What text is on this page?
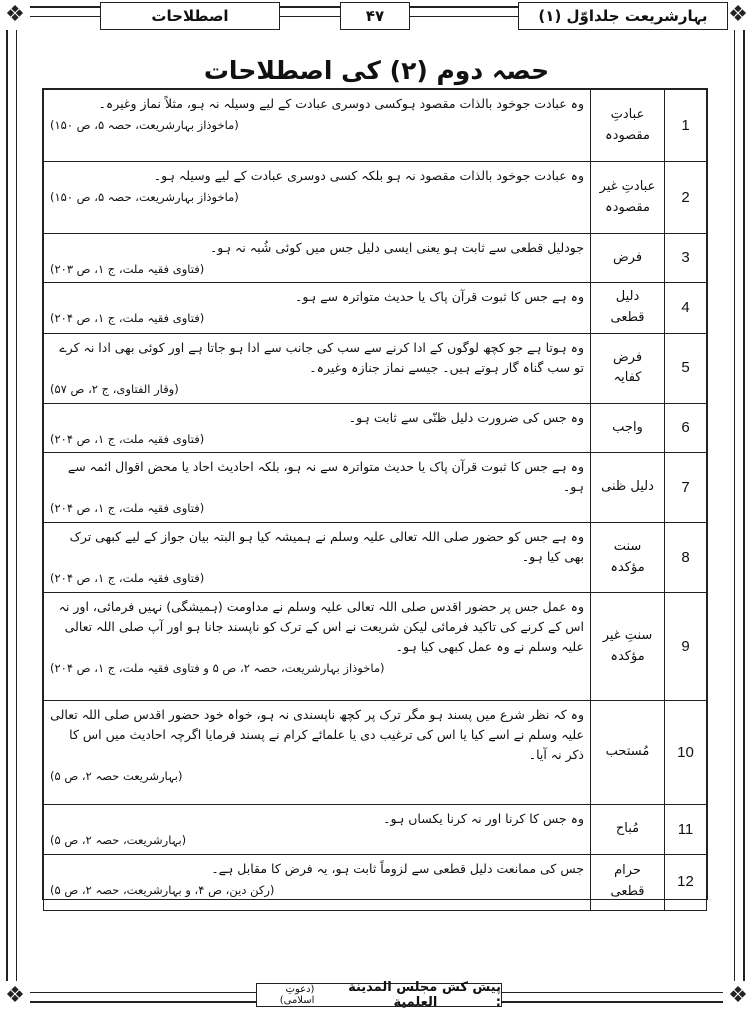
❖	❖
❖	❖
بہارشریعت جلداوّل (۱)
۴۷
اصطلاحات
حصہ دوم (۲) کی اصطلاحات
1	عبادتِ مقصودہ	وہ عبادت جوخود بالذات مقصود ہوکسی دوسری عبادت کے لیے وسیلہ نہ ہو، مثلاً نماز وغیرہ۔
(ماخوذاز بہارشریعت، حصہ ۵، ص ۱۵۰)

2	عبادتِ غیر مقصودہ	وہ عبادت جوخود بالذات مقصود نہ ہو بلکہ کسی دوسری عبادت کے لیے وسیلہ ہو۔
(ماخوذاز بہارشریعت، حصہ ۵، ص ۱۵۰)

3	فرض	جودلیل قطعی سے ثابت ہو یعنی ایسی دلیل جس میں کوئی شُبہ نہ ہو۔
(فتاوی فقیہ ملت، ج ۱، ص ۲۰۳)

4	دلیل قطعی	وہ ہے جس کا ثبوت قرآن پاک یا حدیث متواترہ سے ہو۔
(فتاوی فقیہ ملت، ج ۱، ص ۲۰۴)

5	فرض کفایہ	وہ ہوتا ہے جو کچھ لوگوں کے ادا کرنے سے سب کی جانب سے ادا ہو جاتا ہے اور کوئی بھی ادا نہ کرے تو سب گناہ گار ہوتے ہیں۔ جیسے نماز جنازہ وغیرہ۔
(وقار الفتاوی، ج ۲، ص ۵۷)

6	واجب	وہ جس کی ضرورت دلیل ظنّی سے ثابت ہو۔
(فتاوی فقیہ ملت، ج ۱، ص ۲۰۴)

7	دلیل ظنی	وہ ہے جس کا ثبوت قرآن پاک یا حدیث متواترہ سے نہ ہو، بلکہ احادیث احاد یا محض اقوال ائمہ سے ہو۔
(فتاوی فقیہ ملت، ج ۱، ص ۲۰۴)

8	سنت مؤکدہ	وہ ہے جس کو حضور صلی اللہ تعالی علیہ وسلم نے ہمیشہ کیا ہو البتہ بیان جواز کے لیے کبھی ترک بھی کیا ہو۔
(فتاوی فقیہ ملت، ج ۱، ص ۲۰۴)

9	سنتِ غیر مؤکدہ	وہ عمل جس پر حضور اقدس صلی اللہ تعالی علیہ وسلم نے مداومت (ہمیشگی) نہیں فرمائی، اور نہ اس کے کرنے کی تاکید فرمائی لیکن شریعت نے اس کے ترک کو ناپسند جانا ہو اور آپ صلی اللہ تعالی علیہ وسلم نے وہ عمل کبھی کیا ہو۔
(ماخوذاز بہارشریعت، حصہ ۲، ص ۵ و فتاوی فقیہ ملت، ج ۱، ص ۲۰۴)

10	مُستحب	وہ کہ نظر شرع میں پسند ہو مگر ترک پر کچھ ناپسندی نہ ہو، خواہ خود حضور اقدس صلی اللہ تعالی علیہ وسلم نے اسے کیا یا اس کی ترغیب دی یا علمائے کرام نے پسند فرمایا اگرچہ احادیث میں اس کا ذکر نہ آیا۔
(بہارشریعت حصہ ۲، ص ۵)

11	مُباح	وہ جس کا کرنا اور نہ کرنا یکساں ہو۔
(بہارشریعت، حصہ ۲، ص ۵)

12	حرام قطعی	جس کی ممانعت دلیل قطعی سے لزوماً ثابت ہو، یہ فرض کا مقابل ہے۔
(رکن دین، ص ۴، و بہارشریعت، حصہ ۲، ص ۵)
پیش کش :

مجلس المدینة العلمیة

(دعوتِ اسلامی)
